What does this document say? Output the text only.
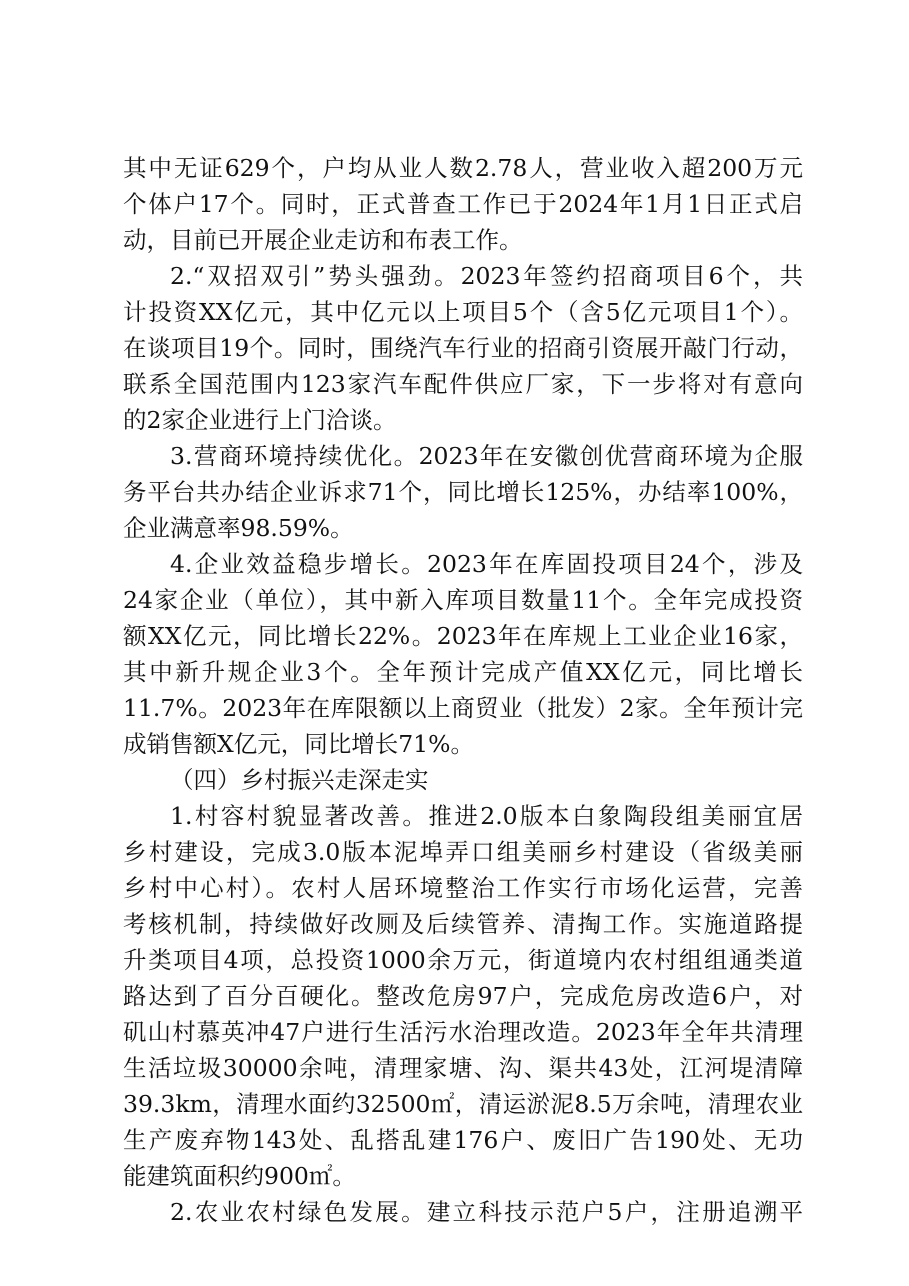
其中无证629个，户均从业人数2.78人，营业收入超200万元
个体户17个。同时，正式普查工作已于2024年1月1日正式启
动，目前已开展企业走访和布表工作。
2.“双招双引”势头强劲。2023年签约招商项目6个，共
计投资XX亿元，其中亿元以上项目5个（含5亿元项目1个）。
在谈项目19个。同时，围绕汽车行业的招商引资展开敲门行动，
联系全国范围内123家汽车配件供应厂家，下一步将对有意向
的2家企业进行上门洽谈。
3.营商环境持续优化。2023年在安徽创优营商环境为企服
务平台共办结企业诉求71个，同比增长125%，办结率100%，
企业满意率98.59%。
4.企业效益稳步增长。2023年在库固投项目24个，涉及
24家企业（单位），其中新入库项目数量11个。全年完成投资
额XX亿元，同比增长22%。2023年在库规上工业企业16家，
其中新升规企业3个。全年预计完成产值XX亿元，同比增长
11.7%。2023年在库限额以上商贸业（批发）2家。全年预计完
成销售额X亿元，同比增长71%。
（四）乡村振兴走深走实
1.村容村貌显著改善。推进2.0版本白象陶段组美丽宜居
乡村建设，完成3.0版本泥埠弄口组美丽乡村建设（省级美丽
乡村中心村）。农村人居环境整治工作实行市场化运营，完善
考核机制，持续做好改厕及后续管养、清掏工作。实施道路提
升类项目4项，总投资1000余万元，街道境内农村组组通类道
路达到了百分百硬化。整改危房97户，完成危房改造6户，对
矶山村慕英冲47户进行生活污水治理改造。2023年全年共清理
生活垃圾30000余吨，清理家塘、沟、渠共43处，江河堤清障
39.3km，清理水面约32500㎡，清运淤泥8.5万余吨，清理农业
生产废弃物143处、乱搭乱建176户、废旧广告190处、无功
能建筑面积约900㎡。
2.农业农村绿色发展。建立科技示范户5户，注册追溯平
